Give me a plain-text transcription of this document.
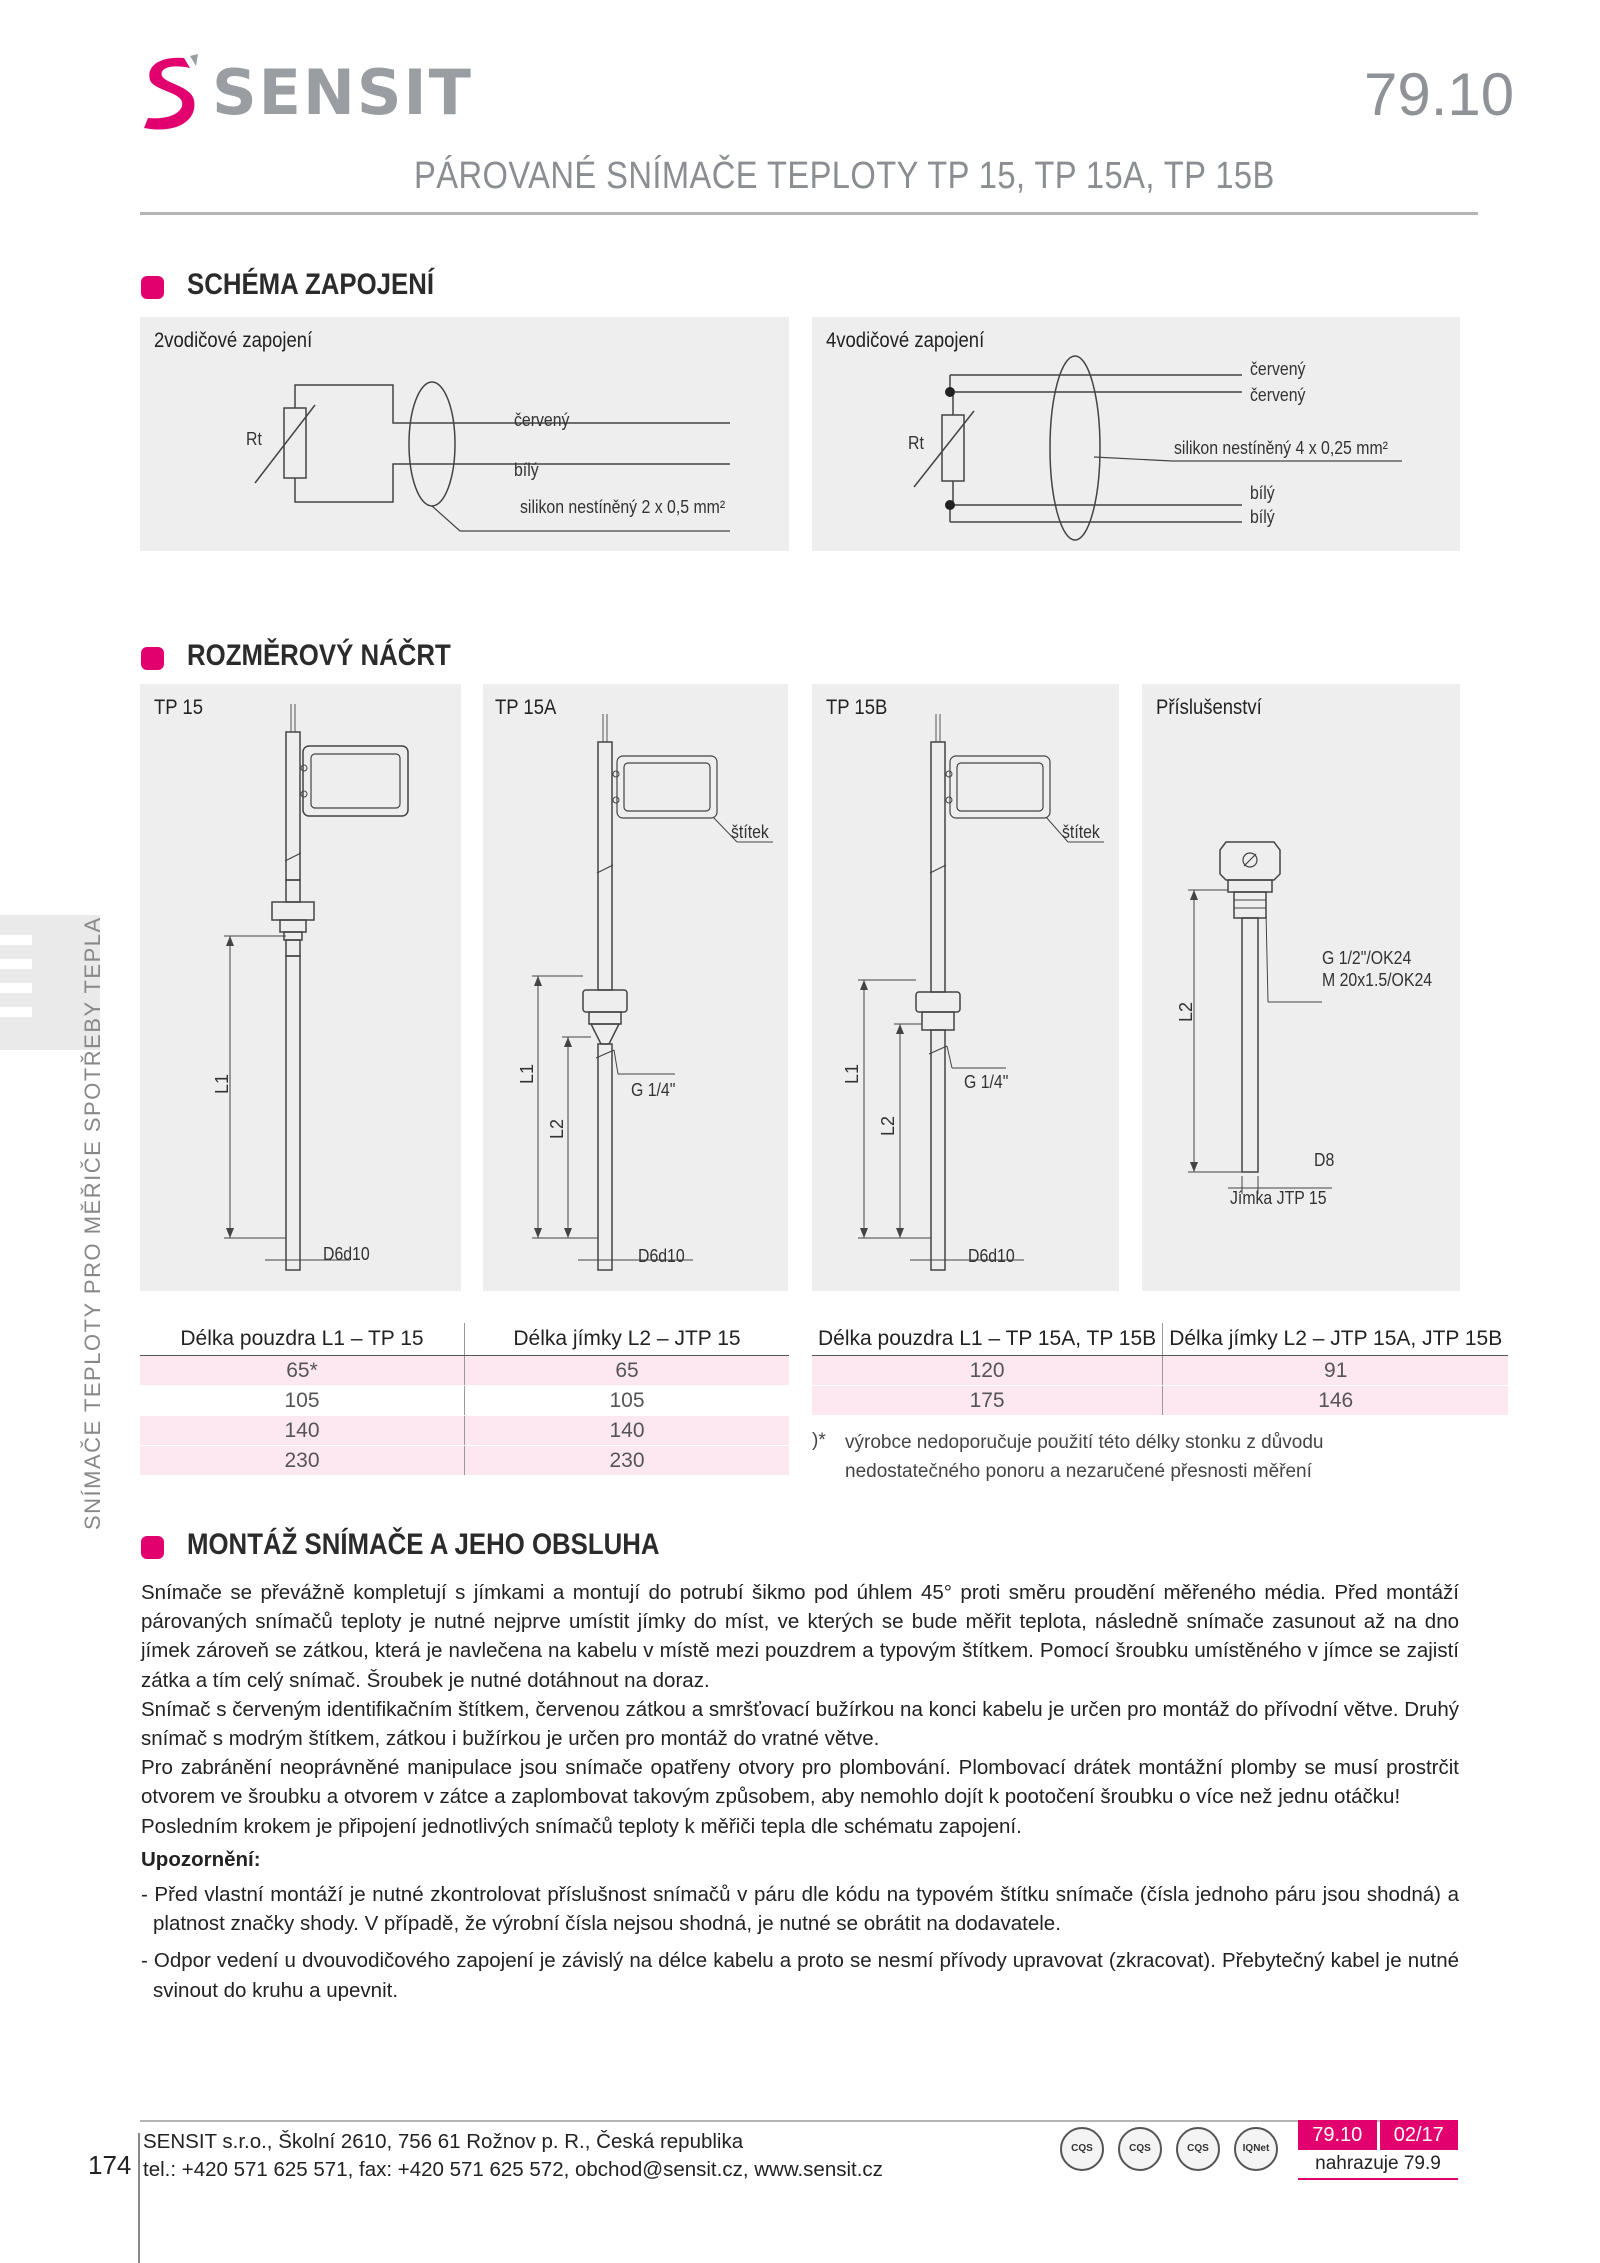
SENSIT	79.10
PÁROVANÉ SNÍMAČE TEPLOTY TP 15, TP 15A, TP 15B
SNÍMAČE TEPLOTY PRO MĚŘIČE SPOTŘEBY TEPLA
174
SCHÉMA ZAPOJENÍ
2vodičové zapojení
Rt
červený
bílý
silikon nestíněný 2 x 0,5 mm²
4vodičové zapojení
Rt
červený
červený
silikon nestíněný 4 x 0,25 mm²
bílý
bílý
ROZMĚROVÝ NÁČRT
TP 15
L1
D6d10
TP 15A
štítek
L1
L2
G 1/4"
D6d10
TP 15B
štítek
L1
L2
G 1/4"
D6d10
Příslušenství
G 1/2"/OK24
M 20x1.5/OK24
L2
D8
Jímka JTP 15
Délka pouzdra L1 – TP 15	Délka jímky L2 – JTP 15
65*	65
105	105
140	140
230	230
Délka pouzdra L1 – TP 15A, TP 15B	Délka jímky L2 – JTP 15A, JTP 15B
120	91
175	146
)* výrobce nedoporučuje použití této délky stonku z důvodu nedostatečného ponoru a nezaručené přesnosti měření
MONTÁŽ SNÍMAČE A JEHO OBSLUHA
Snímače se převážně kompletují s jímkami a montují do potrubí šikmo pod úhlem 45° proti směru proudění měřeného média. Před montáží párovaných snímačů teploty je nutné nejprve umístit jímky do míst, ve kterých se bude měřit teplota, následně snímače zasunout až na dno jímek zároveň se zátkou, která je navlečena na kabelu v místě mezi pouzdrem a typovým štítkem. Pomocí šroubku umístěného v jímce se zajistí zátka a tím celý snímač. Šroubek je nutné dotáhnout na doraz.
Snímač s červeným identifikačním štítkem, červenou zátkou a smršťovací bužírkou na konci kabelu je určen pro montáž do přívodní větve. Druhý snímač s modrým štítkem, zátkou i bužírkou je určen pro montáž do vratné větve.
Pro zabránění neoprávněné manipulace jsou snímače opatřeny otvory pro plombování. Plombovací drátek montážní plomby se musí prostrčit otvorem ve šroubku a otvorem v zátce a zaplombovat takovým způsobem, aby nemohlo dojít k pootočení šroubku o více než jednu otáčku!
Posledním krokem je připojení jednotlivých snímačů teploty k měřiči tepla dle schématu zapojení.
Upozornění:
- Před vlastní montáží je nutné zkontrolovat příslušnost snímačů v páru dle kódu na typovém štítku snímače (čísla jednoho páru jsou shodná) a platnost značky shody. V případě, že výrobní čísla nejsou shodná, je nutné se obrátit na dodavatele.
- Odpor vedení u dvouvodičového zapojení je závislý na délce kabelu a proto se nesmí přívody upravovat (zkracovat). Přebytečný kabel je nutné svinout do kruhu a upevnit.
SENSIT s.r.o., Školní 2610, 756 61 Rožnov p. R., Česká republika
tel.: +420 571 625 571, fax: +420 571 625 572, obchod@sensit.cz, www.sensit.cz
CQS	CQS	CQS	IQNet
79.10	02/17
nahrazuje 79.9
